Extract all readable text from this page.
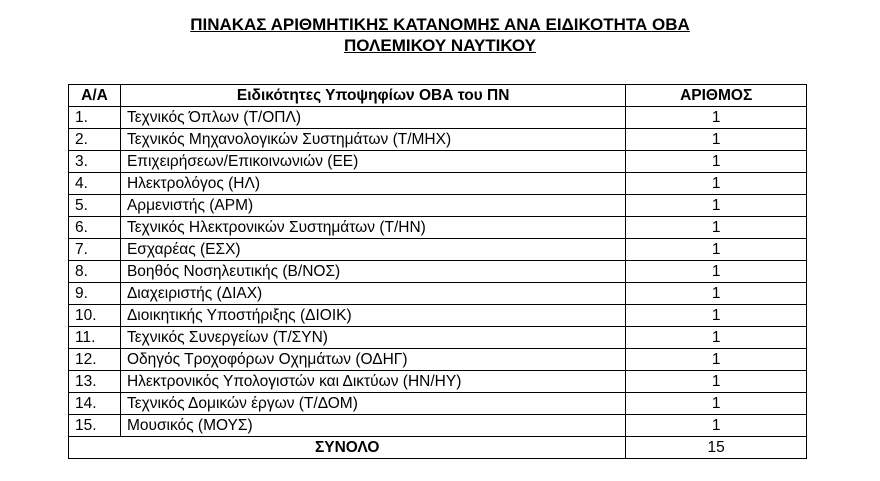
ΠΙΝΑΚΑΣ ΑΡΙΘΜΗΤΙΚΗΣ ΚΑΤΑΝΟΜΗΣ ΑΝΑ ΕΙΔΙΚΟΤΗΤΑ ΟΒΑ

ΠΟΛΕΜΙΚΟΥ ΝΑΥΤΙΚΟΥ

Α/Α	Ειδικότητες Υποψηφίων ΟΒΑ του ΠΝ	ΑΡΙΘΜΟΣ
1.	Τεχνικός Όπλων (Τ/ΟΠΛ)	1
2.	Τεχνικός Μηχανολογικών Συστημάτων (Τ/ΜΗΧ)	1
3.	Επιχειρήσεων/Επικοινωνιών (ΕΕ)	1
4.	Ηλεκτρολόγος (ΗΛ)	1
5.	Αρμενιστής (ΑΡΜ)	1
6.	Τεχνικός Ηλεκτρονικών Συστημάτων (Τ/ΗΝ)	1
7.	Εσχαρέας (ΕΣΧ)	1
8.	Βοηθός Νοσηλευτικής (Β/ΝΟΣ)	1
9.	Διαχειριστής (ΔΙΑΧ)	1
10.	Διοικητικής Υποστήριξης (ΔΙΟΙΚ)	1
11.	Τεχνικός Συνεργείων (Τ/ΣΥΝ)	1
12.	Οδηγός Τροχοφόρων Οχημάτων (ΟΔΗΓ)	1
13.	Ηλεκτρονικός Υπολογιστών και Δικτύων (ΗΝ/ΗΥ)	1
14.	Τεχνικός Δομικών έργων (Τ/ΔΟΜ)	1
15.	Μουσικός (ΜΟΥΣ)	1
ΣΥΝΟΛΟ		15
